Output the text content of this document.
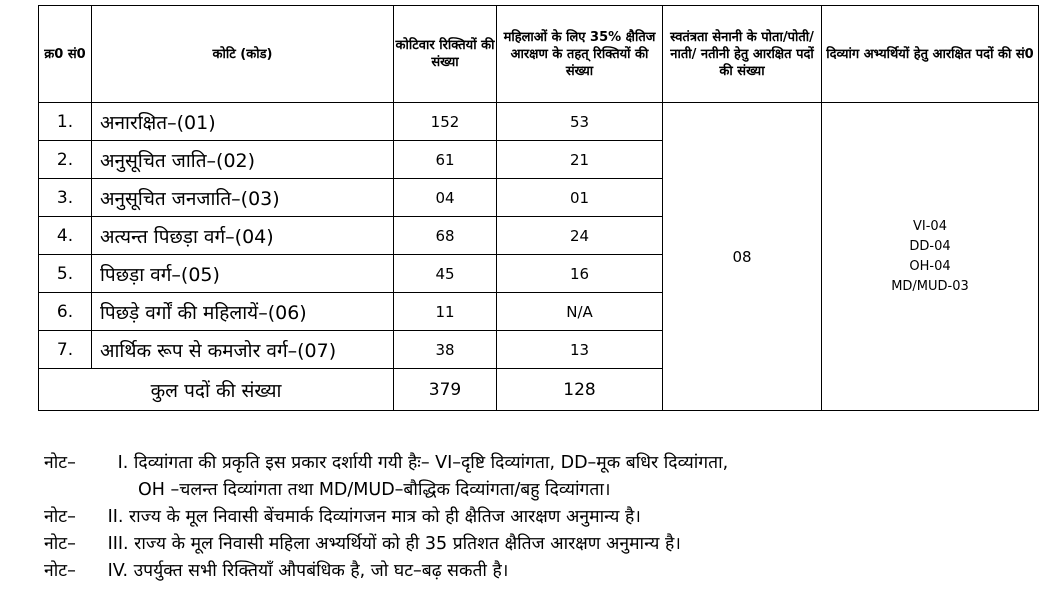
क्र0 सं0	कोटि (कोड)	कोटिवार रिक्तियों की संख्या	महिलाओं के लिए 35% क्षैतिज आरक्षण के तहत् रिक्तियों की संख्या	स्वतंत्रता सेनानी के पोता/पोती/नाती/ नतीनी हेतु आरक्षित पदों की संख्या	दिव्यांग अभ्यर्थियों हेतु आरक्षित पदों की सं0
1.	अनारक्षित–(01)	152	53	08	VI-04
DD-04
OH-04
MD/MUD-03

2.	अनुसूचित जाति–(02)	61	21		
3.	अनुसूचित जनजाति–(03)	04	01		
4.	अत्यन्त पिछड़ा वर्ग–(04)	68	24		
5.	पिछड़ा वर्ग–(05)	45	16		
6.	पिछड़े वर्गों की महिलायें–(06)	11	N/A		
7.	आर्थिक रूप से कमजोर वर्ग–(07)	38	13		
कुल पदों की संख्या		379	128		
नोट– I. दिव्यांगता की प्रकृति इस प्रकार दर्शायी गयी हैः– VI–दृष्टि दिव्यांगता, DD–मूक बधिर दिव्यांगता,
OH –चलन्त दिव्यांगता तथा MD/MUD–बौद्धिक दिव्यांगता/बहु दिव्यांगता।
नोट– II. राज्य के मूल निवासी बेंचमार्क दिव्यांगजन मात्र को ही क्षैतिज आरक्षण अनुमान्य है।
नोट– III. राज्य के मूल निवासी महिला अभ्यर्थियों को ही 35 प्रतिशत क्षैतिज आरक्षण अनुमान्य है।
नोट– IV. उपर्युक्त सभी रिक्तियाँ औपबंधिक है, जो घट–बढ़ सकती है।
